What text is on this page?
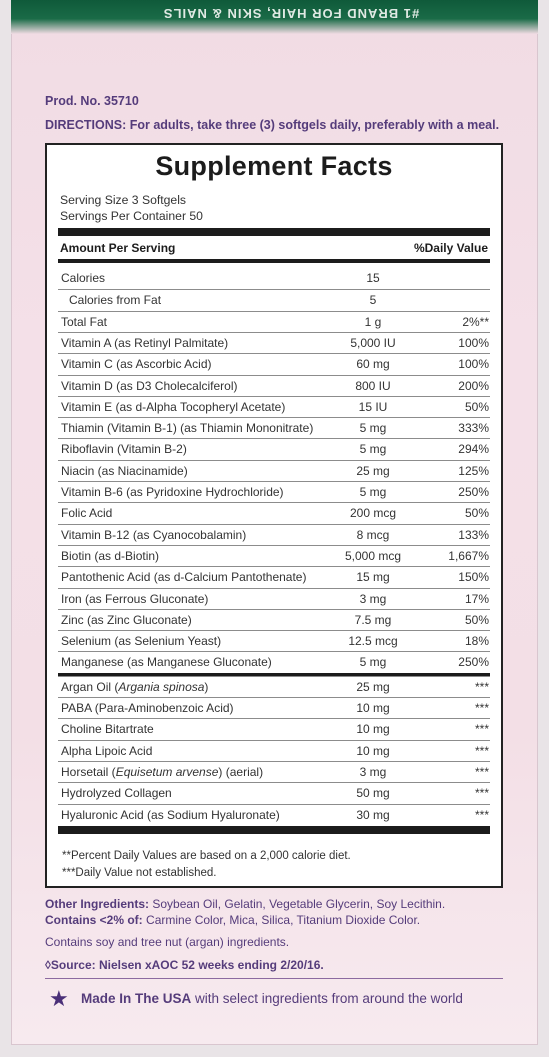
#1 BRAND FOR HAIR, SKIN & NAILS
Prod. No. 35710
DIRECTIONS: For adults, take three (3) softgels daily, preferably with a meal.
Supplement Facts
Serving Size 3 Softgels
Servings Per Container 50
Amount Per Serving	%Daily Value
Calories	15
Calories from Fat	5
Total Fat	1 g	2%**
Vitamin A (as Retinyl Palmitate)	5,000 IU	100%
Vitamin C (as Ascorbic Acid)	60 mg	100%
Vitamin D (as D3 Cholecalciferol)	800 IU	200%
Vitamin E (as d-Alpha Tocopheryl Acetate)	15 IU	50%
Thiamin (Vitamin B-1) (as Thiamin Mononitrate)	5 mg	333%
Riboflavin (Vitamin B-2)	5 mg	294%
Niacin (as Niacinamide)	25 mg	125%
Vitamin B-6 (as Pyridoxine Hydrochloride)	5 mg	250%
Folic Acid	200 mcg	50%
Vitamin B-12 (as Cyanocobalamin)	8 mcg	133%
Biotin (as d-Biotin)	5,000 mcg	1,667%
Pantothenic Acid (as d-Calcium Pantothenate)	15 mg	150%
Iron (as Ferrous Gluconate)	3 mg	17%
Zinc (as Zinc Gluconate)	7.5 mg	50%
Selenium (as Selenium Yeast)	12.5 mcg	18%
Manganese (as Manganese Gluconate)	5 mg	250%
Argan Oil (Argania spinosa)	25 mg	***
PABA (Para-Aminobenzoic Acid)	10 mg	***
Choline Bitartrate	10 mg	***
Alpha Lipoic Acid	10 mg	***
Horsetail (Equisetum arvense) (aerial)	3 mg	***
Hydrolyzed Collagen	50 mg	***
Hyaluronic Acid (as Sodium Hyaluronate)	30 mg	***
**Percent Daily Values are based on a 2,000 calorie diet.
***Daily Value not established.
Other Ingredients: Soybean Oil, Gelatin, Vegetable Glycerin, Soy Lecithin.
Contains <2% of: Carmine Color, Mica, Silica, Titanium Dioxide Color.
Contains soy and tree nut (argan) ingredients.
◊Source: Nielsen xAOC 52 weeks ending 2/20/16.
★ Made In The USA with select ingredients from around the world
